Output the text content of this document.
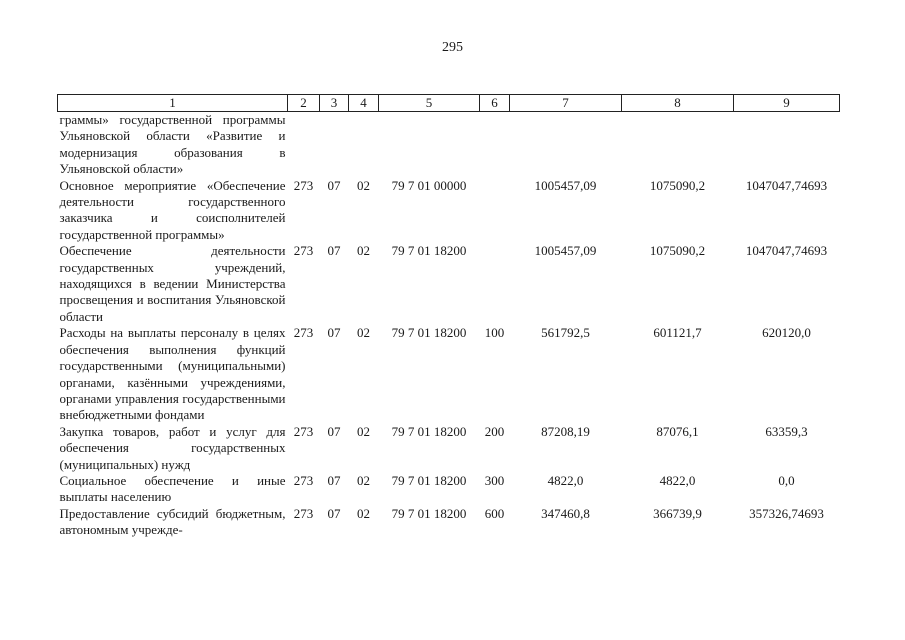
295
1	2	3	4	5	6	7	8	9
граммы» государственной программы Ульяновской области «Развитие и модернизация образования в Ульяновской области»								
Основное мероприятие «Обеспечение деятельности государственного заказчика и соисполнителей государственной программы»	273	07	02	79 7 01 00000		1005457,09	1075090,2	1047047,74693
Обеспечение деятельности государственных учреждений, находящихся в ведении Министерства просвещения и воспитания Ульяновской области	273	07	02	79 7 01 18200		1005457,09	1075090,2	1047047,74693
Расходы на выплаты персоналу в целях обеспечения выполнения функций государственными (муниципальными) органами, казёнными учреждениями, органами управления государственными внебюджетными фондами	273	07	02	79 7 01 18200	100	561792,5	601121,7	620120,0
Закупка товаров, работ и услуг для обеспечения государственных (муниципальных) нужд	273	07	02	79 7 01 18200	200	87208,19	87076,1	63359,3
Социальное обеспечение и иные выплаты населению	273	07	02	79 7 01 18200	300	4822,0	4822,0	0,0
Предоставление субсидий бюджетным, автономным учрежде-	273	07	02	79 7 01 18200	600	347460,8	366739,9	357326,74693
